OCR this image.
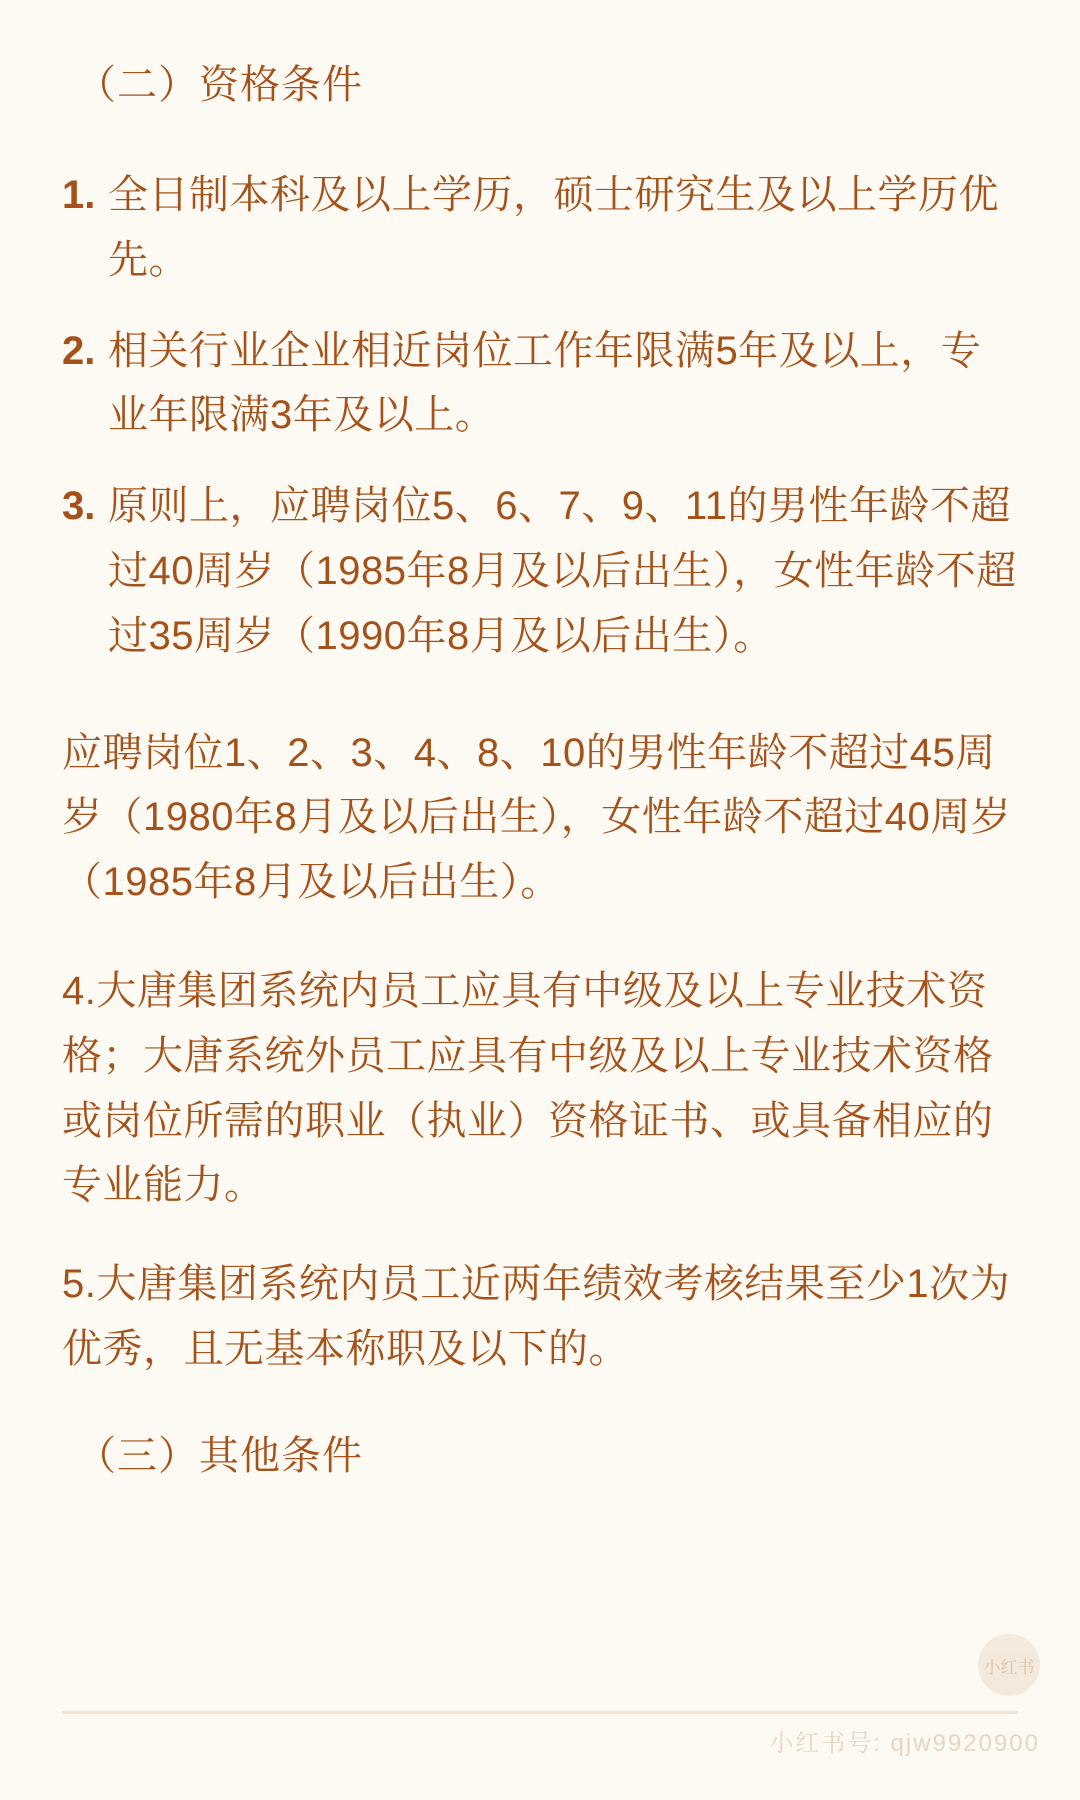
（二）资格条件
1. 全日制本科及以上学历，硕士研究生及以上学历优先。
2. 相关行业企业相近岗位工作年限满5年及以上，专业年限满3年及以上。
3. 原则上，应聘岗位5、6、7、9、11的男性年龄不超过40周岁（1985年8月及以后出生），女性年龄不超过35周岁（1990年8月及以后出生）。
应聘岗位1、2、3、4、8、10的男性年龄不超过45周岁（1980年8月及以后出生），女性年龄不超过40周岁（1985年8月及以后出生）。
4.大唐集团系统内员工应具有中级及以上专业技术资格；大唐系统外员工应具有中级及以上专业技术资格或岗位所需的职业（执业）资格证书、或具备相应的专业能力。
5.大唐集团系统内员工近两年绩效考核结果至少1次为优秀，且无基本称职及以下的。
（三）其他条件
小红书
小红书号: qjw9920900
